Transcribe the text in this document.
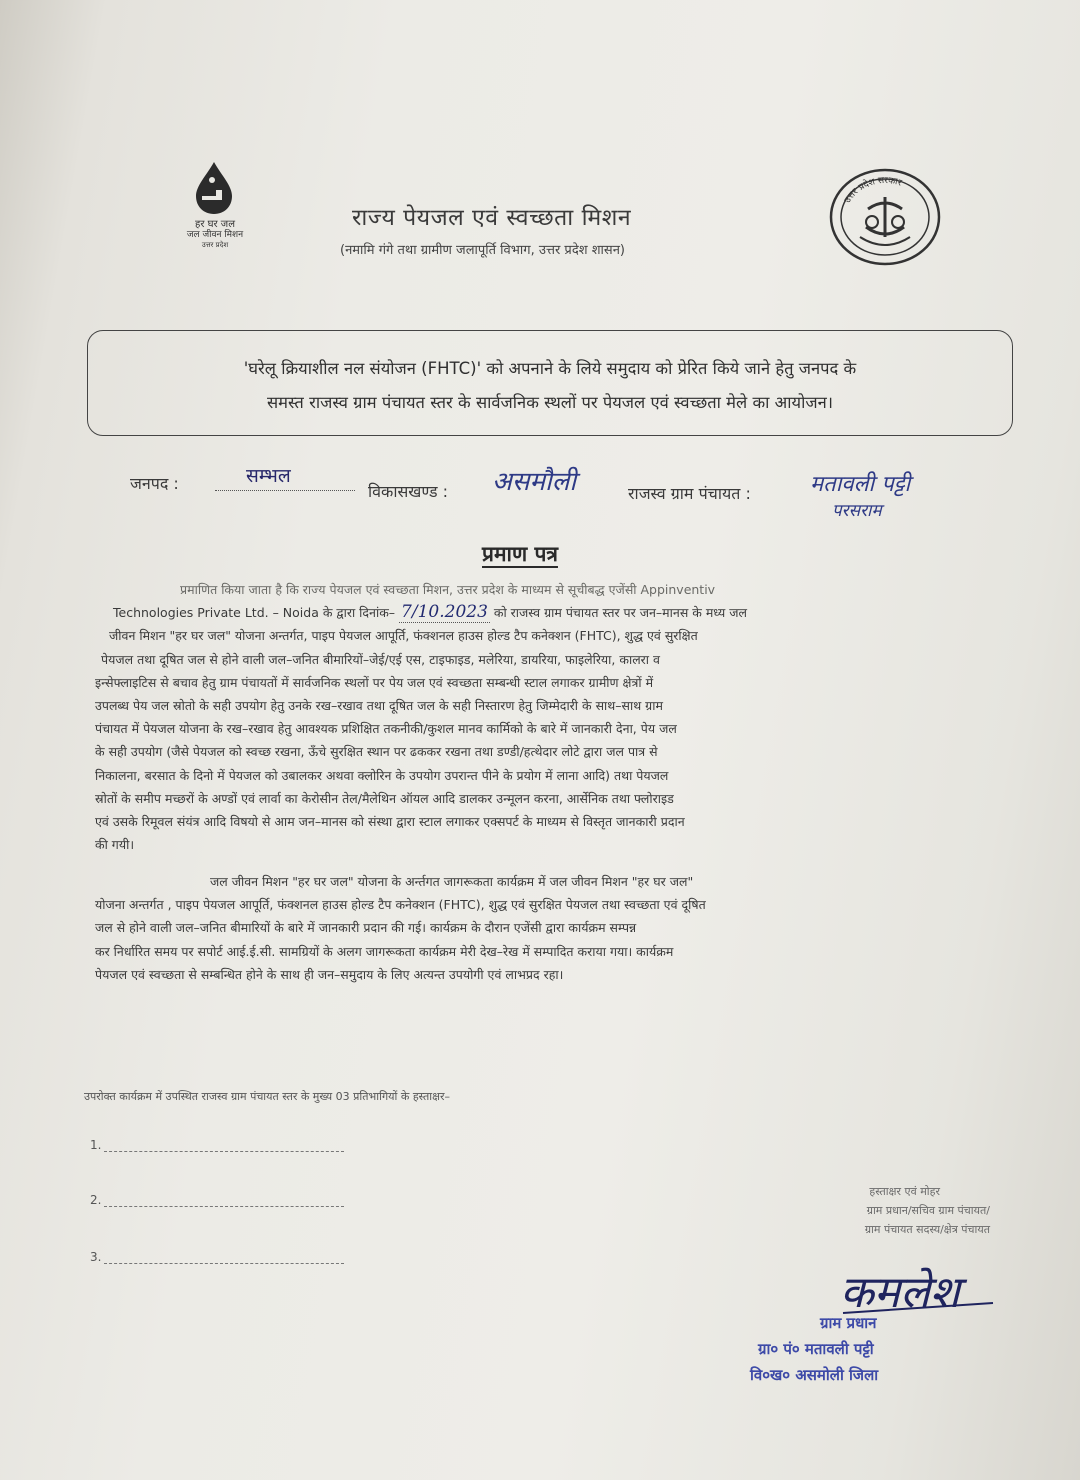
हर घर जल
जल जीवन मिशन
उत्तर प्रदेश
राज्य पेयजल एवं स्वच्छता मिशन
(नमामि गंगे तथा ग्रामीण जलापूर्ति विभाग, उत्तर प्रदेश शासन)
उत्तर प्रदेश सरकार
'घरेलू क्रियाशील नल संयोजन (FHTC)' को अपनाने के लिये समुदाय को प्रेरित किये जाने हेतु जनपद के
समस्त राजस्व ग्राम पंचायत स्तर के सार्वजनिक स्थलों पर पेयजल एवं स्वच्छता मेले का आयोजन।
जनपद :	सम्भल
विकासखण्ड : असमौली	राजस्व ग्राम पंचायत :	मतावली पट्टी
परसराम
प्रमाण पत्र
प्रमाणित किया जाता है कि राज्य पेयजल एवं स्वच्छता मिशन, उत्तर प्रदेश के माध्यम से सूचीबद्ध एजेंसी Appinventiv
Technologies Private Ltd. – Noida के द्वारा दिनांक– 7/10.2023 को राजस्व ग्राम पंचायत स्तर पर जन–मानस के मध्य जल
जीवन मिशन "हर घर जल" योजना अन्तर्गत, पाइप पेयजल आपूर्ति, फंक्शनल हाउस होल्ड टैप कनेक्शन (FHTC), शुद्ध एवं सुरक्षित
पेयजल तथा दूषित जल से होने वाली जल–जनित बीमारियों–जेई/एई एस, टाइफाइड, मलेरिया, डायरिया, फाइलेरिया, कालरा व
इन्सेफ्लाइटिस से बचाव हेतु ग्राम पंचायतों में सार्वजनिक स्थलों पर पेय जल एवं स्वच्छता सम्बन्धी स्टाल लगाकर ग्रामीण क्षेत्रों में
उपलब्ध पेय जल स्रोतो के सही उपयोग हेतु उनके रख–रखाव तथा दूषित जल के सही निस्तारण हेतु जिम्मेदारी के साथ–साथ ग्राम
पंचायत में पेयजल योजना के रख–रखाव हेतु आवश्यक प्रशिक्षित तकनीकी/कुशल मानव कार्मिको के बारे में जानकारी देना, पेय जल
के सही उपयोग (जैसे पेयजल को स्वच्छ रखना, ऊँचे सुरक्षित स्थान पर ढककर रखना तथा डण्डी/हत्थेदार लोटे द्वारा जल पात्र से
निकालना, बरसात के दिनो में पेयजल को उबालकर अथवा क्लोरिन के उपयोग उपरान्त पीने के प्रयोग में लाना आदि) तथा पेयजल
स्रोतों के समीप मच्छरों के अण्डों एवं लार्वा का केरोसीन तेल/मैलेथिन ऑयल आदि डालकर उन्मूलन करना, आर्सेनिक तथा फ्लोराइड
एवं उसके रिमूवल संयंत्र आदि विषयो से आम जन–मानस को संस्था द्वारा स्टाल लगाकर एक्सपर्ट के माध्यम से विस्तृत जानकारी प्रदान
की गयी।
जल जीवन मिशन "हर घर जल" योजना के अर्न्तगत जागरूकता कार्यक्रम में जल जीवन मिशन "हर घर जल"
योजना अन्तर्गत , पाइप पेयजल आपूर्ति, फंक्शनल हाउस होल्ड टैप कनेक्शन (FHTC), शुद्ध एवं सुरक्षित पेयजल तथा स्वच्छता एवं दूषित
जल से होने वाली जल–जनित बीमारियों के बारे में जानकारी प्रदान की गई। कार्यक्रम के दौरान एजेंसी द्वारा कार्यक्रम सम्पन्न
कर निर्धारित समय पर सपोर्ट आई.ई.सी. सामग्रियों के अलग जागरूकता कार्यक्रम मेरी देख–रेख में सम्पादित कराया गया। कार्यक्रम
पेयजल एवं स्वच्छता से सम्बन्धित होने के साथ ही जन–समुदाय के लिए अत्यन्त उपयोगी एवं लाभप्रद रहा।
उपरोक्त कार्यक्रम में उपस्थित राजस्व ग्राम पंचायत स्तर के मुख्य 03 प्रतिभागियों के हस्ताक्षर–
1.
2.
3.
हस्ताक्षर एवं मोहर
ग्राम प्रधान/सचिव ग्राम पंचायत/
ग्राम पंचायत सदस्य/क्षेत्र पंचायत
कमलेश
ग्राम प्रधान
ग्रा० पं० मतावली पट्टी
वि०ख० असमोली जिला
